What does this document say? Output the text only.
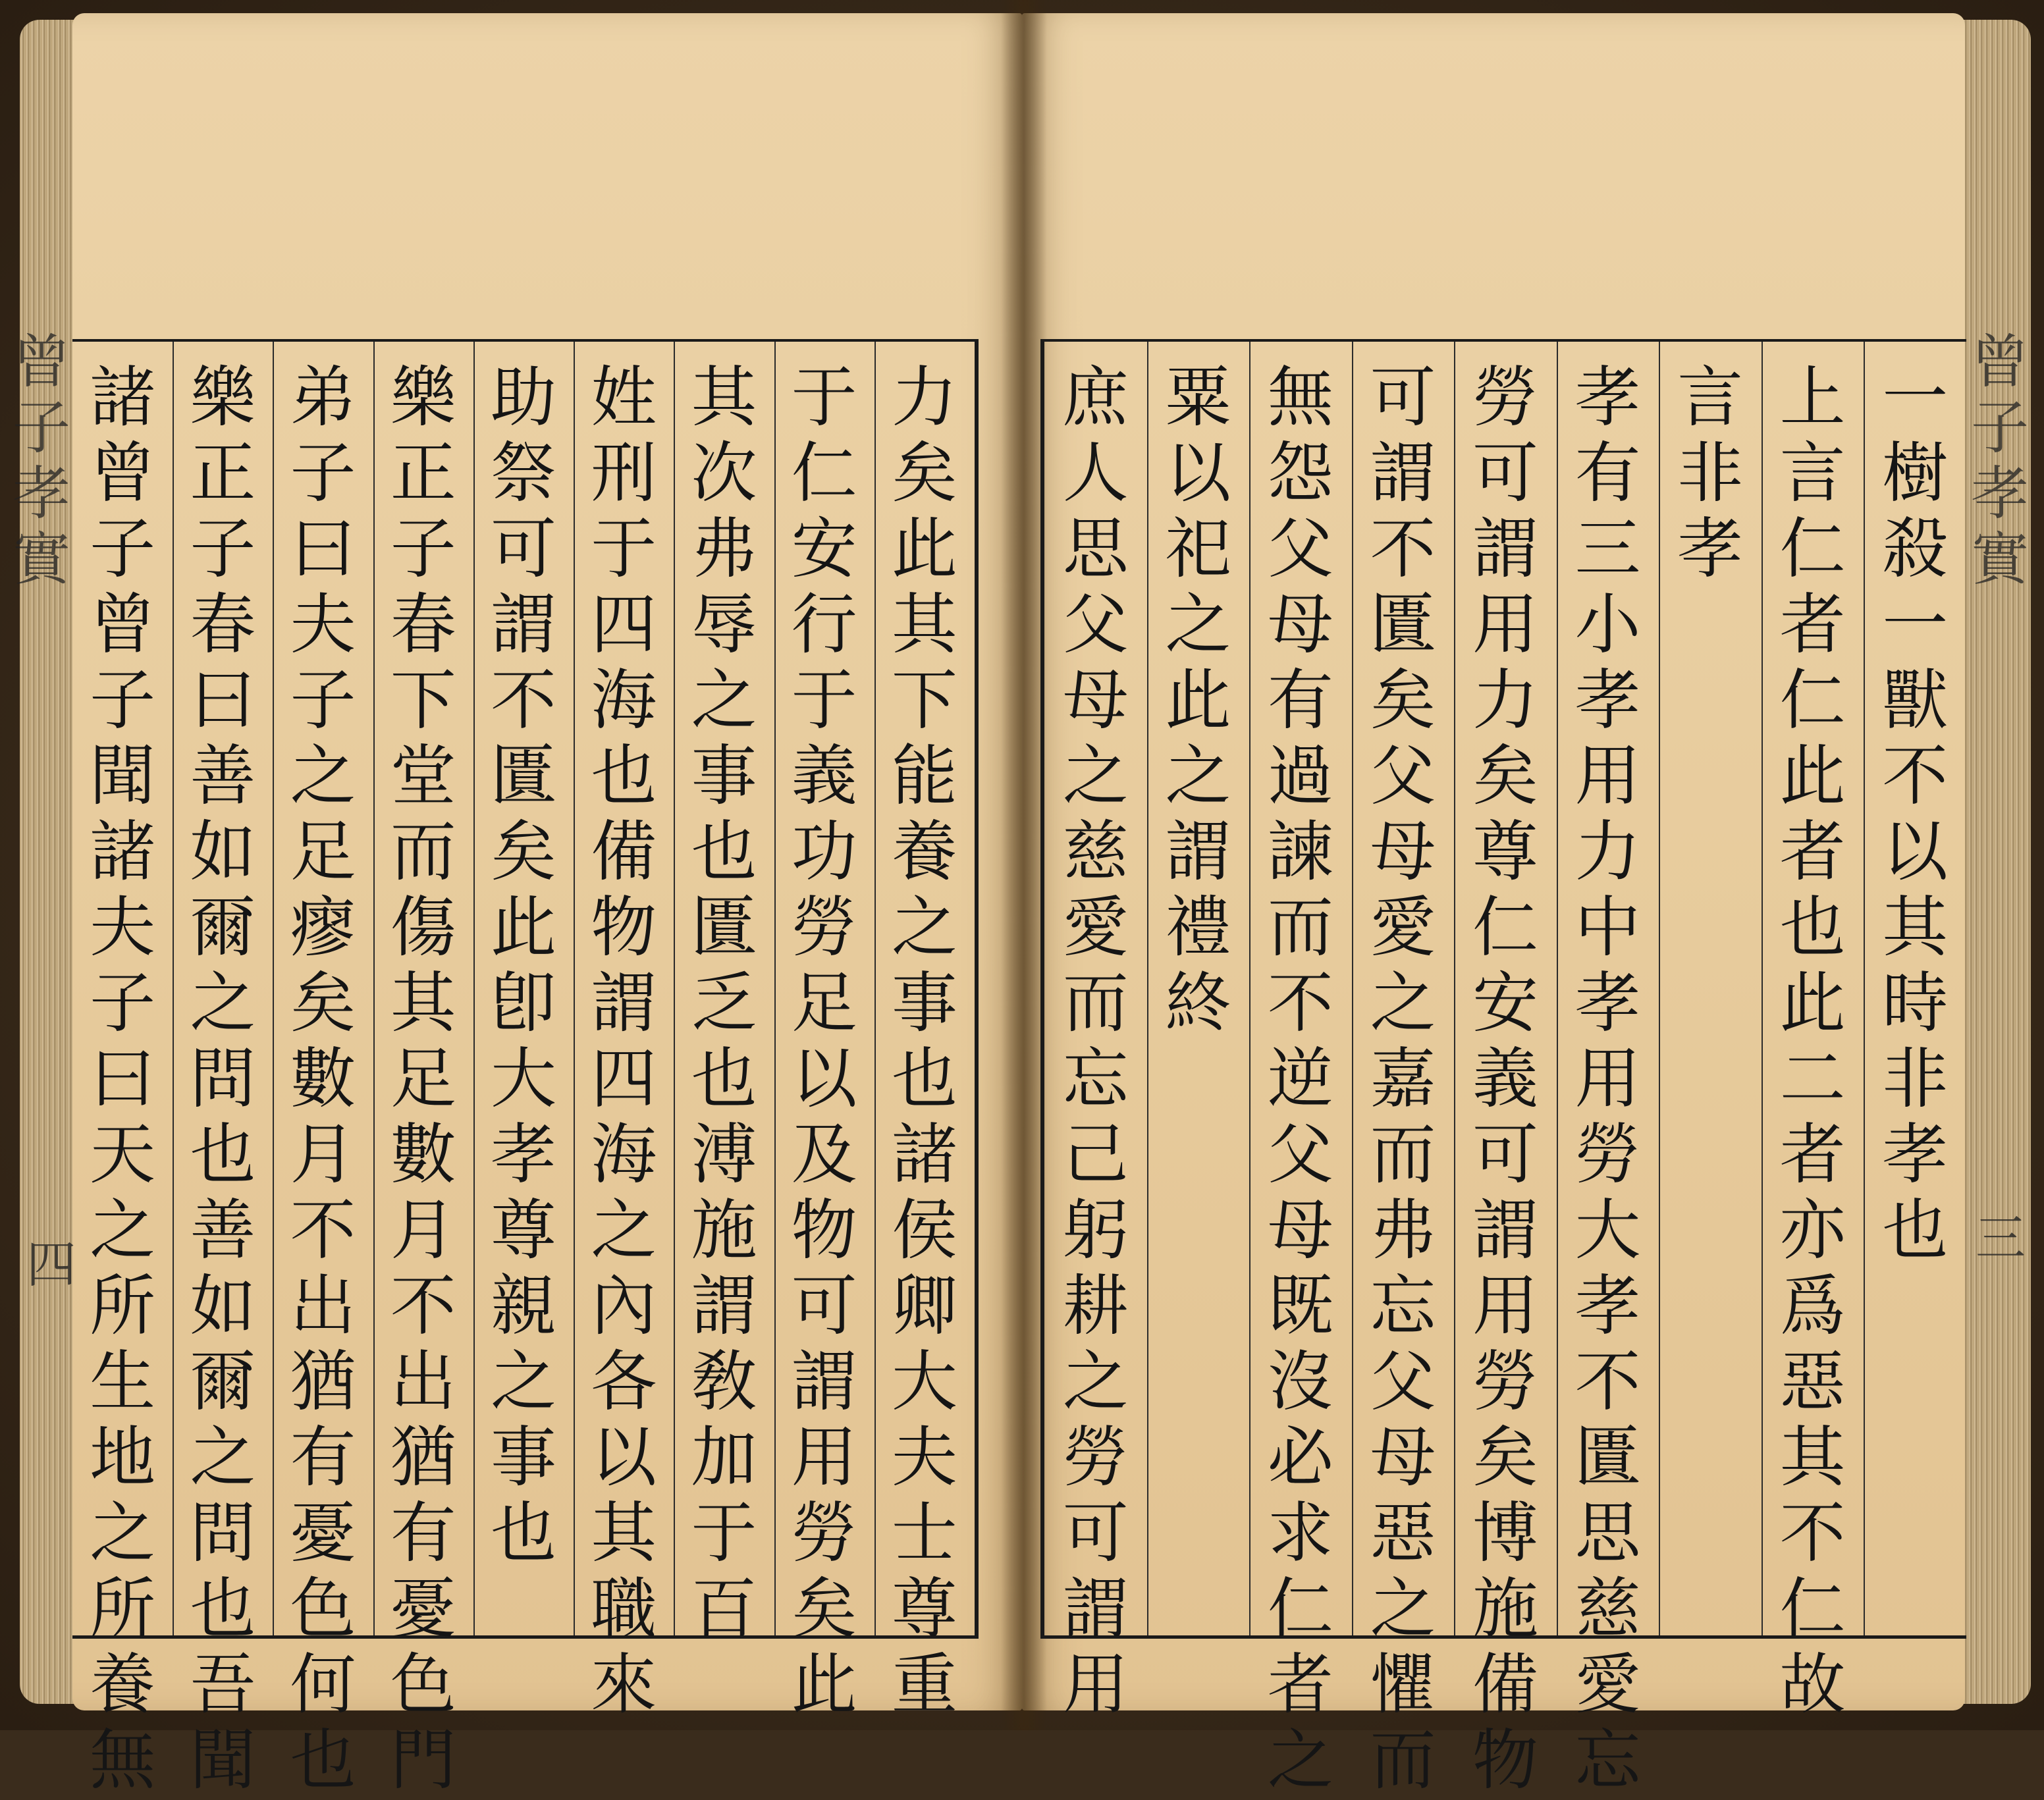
曾
子
孝
實
四
曾
子
孝
實
三
力
矣
此
其
下
能
養
之
事
也
諸
侯
卿
大
夫
士
尊
重
于
仁
安
行
于
義
功
勞
足
以
及
物
可
謂
用
勞
矣
此
其
次
弗
辱
之
事
也
匱
乏
也
溥
施
謂
敎
加
于
百
姓
刑
于
四
海
也
備
物
謂
四
海
之
內
各
以
其
職
來
助
祭
可
謂
不
匱
矣
此
卽
大
孝
尊
親
之
事
也
樂
正
子
春
下
堂
而
傷
其
足
數
月
不
出
猶
有
憂
色
門
弟
子
曰
夫
子
之
足
瘳
矣
數
月
不
出
猶
有
憂
色
何
也
樂
正
子
春
曰
善
如
爾
之
問
也
善
如
爾
之
問
也
吾
聞
諸
曾
子
曾
子
聞
諸
夫
子
曰
天
之
所
生
地
之
所
養
無
一
樹
殺
一
獸
不
以
其
時
非
孝
也
上
言
仁
者
仁
此
者
也
此
二
者
亦
爲
惡
其
不
仁
故
言
非
孝
孝
有
三
小
孝
用
力
中
孝
用
勞
大
孝
不
匱
思
慈
愛
忘
勞
可
謂
用
力
矣
尊
仁
安
義
可
謂
用
勞
矣
博
施
備
物
可
謂
不
匱
矣
父
母
愛
之
嘉
而
弗
忘
父
母
惡
之
懼
而
無
怨
父
母
有
過
諫
而
不
逆
父
母
既
沒
必
求
仁
者
之
粟
以
祀
之
此
之
謂
禮
終
庶
人
思
父
母
之
慈
愛
而
忘
己
躬
耕
之
勞
可
謂
用
